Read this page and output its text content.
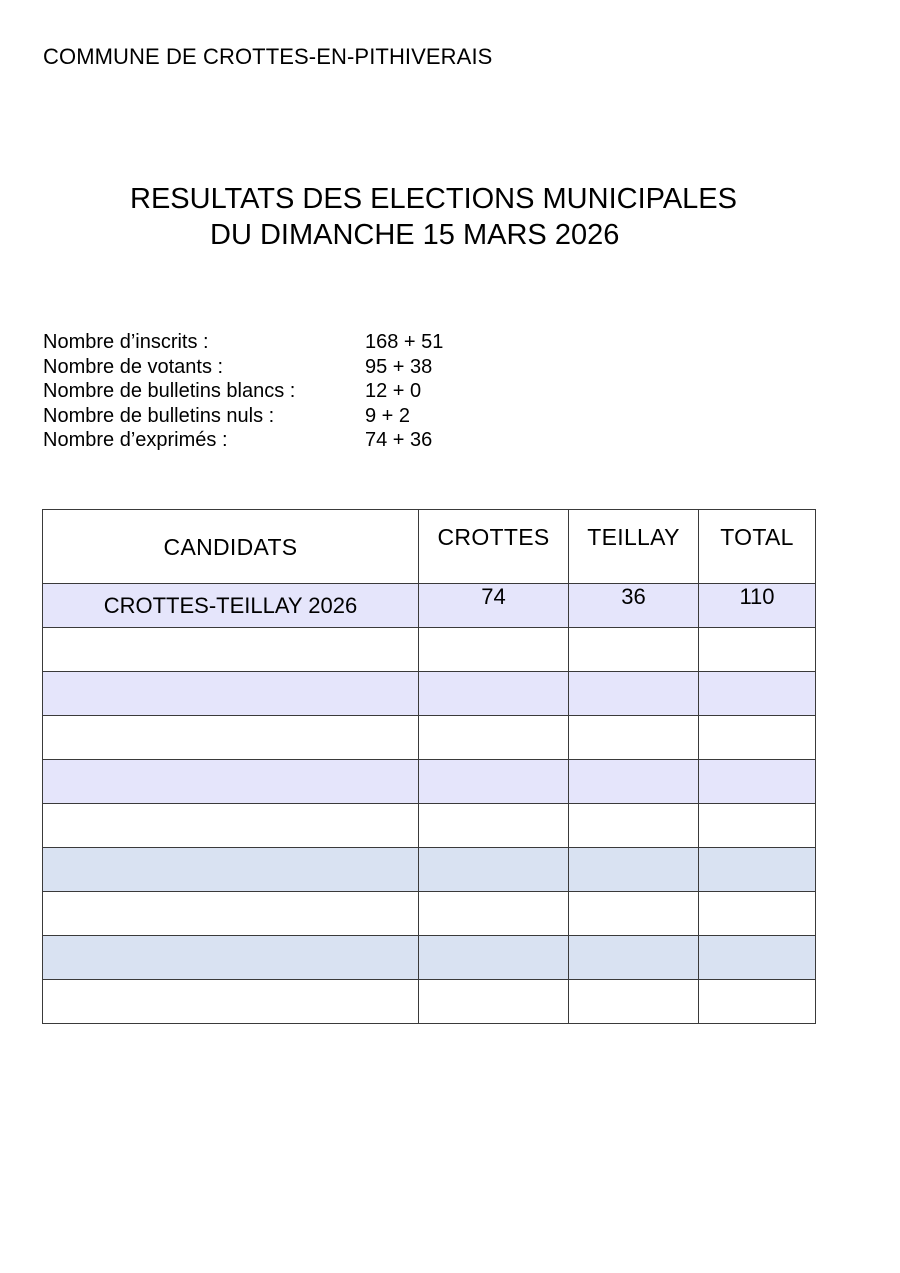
COMMUNE DE CROTTES-EN-PITHIVERAIS
RESULTATS DES ELECTIONS MUNICIPALES
DU DIMANCHE 15 MARS 2026
Nombre d’inscrits :	168 + 51
Nombre de votants :	95 + 38
Nombre de bulletins blancs :	12 + 0
Nombre de bulletins nuls :	9 + 2
Nombre d’exprimés :	74 + 36
CANDIDATS	CROTTES	TEILLAY	TOTAL
CROTTES-TEILLAY 2026	74	36	110
